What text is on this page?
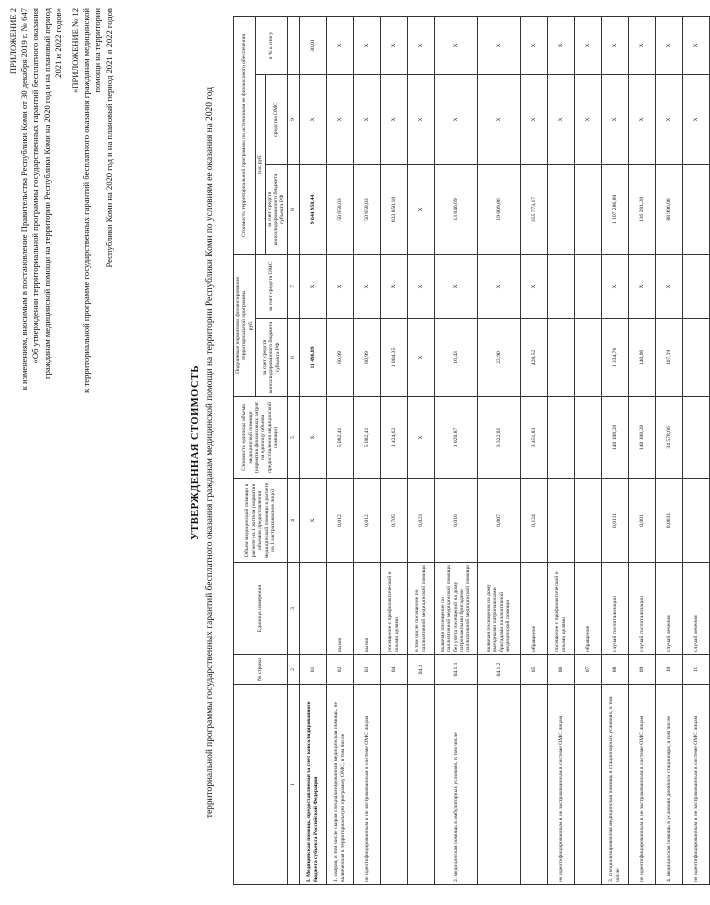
ПРИЛОЖЕНИЕ 2 к изменениям, вносимым в постановление Правительства Республики Коми от 30 декабря 2019 г. № 647 «Об утверждении территориальной программы государственных гарантий бесплатного оказания гражданам медицинской помощи на территории Республики Коми на 2020 год и на плановый период 2021 и 2022 годов» «ПРИЛОЖЕНИЕ № 12 к территориальной программе государственных гарантий бесплатного оказания гражданам медицинской помощи на территории Республики Коми на 2020 год и на плановый период 2021 и 2022 годов
УТВЕРЖДЕННАЯ СТОИМОСТЬ территориальной программы государственных гарантий бесплатного оказания гражданам медицинской помощи на территории Республики Коми по условиям ее оказания на 2020 год
		№ строки	Единица измерения	Объем медицинской помощи в расчете на 1 жителя (норматив объемов предоставления медицинской помощи в расчете на 1 застрахованное лицо)	Стоимость единицы объема медицинской помощи (норматив финансовых затрат на единицу объема предоставления медицинской помощи)	Подушевые нормативы финансирования территориальной программы
руб.		Стоимость территориальной программы по источникам ее финансового обеспечения		
					за счет средств консолидированного бюджета субъекта РФ	за счет средств ОМС	тыс.руб.		в % к итогу
							за счет средств консолидированного бюджета субъекта РФ	средства ОМС	
1	2	3	4	5	6	7	8	9	
I. Медицинская помощь, предоставляемая за счет консолидированного бюджета субъекта Российской Федерации	01		X	X	11 496,89	X	9 644 958,44	X	30,01
1. скорая, в том числе скорая специализированная медицинская помощь, не включенная в территориальную программу ОМС, в том числе	02	вызов	0,012	5 082,41	60,99	X	50 658,03	X	X
не идентифицированным и не застрахованным в системе ОМС лицам	03	вызов	0,012	5 082,41	60,99	X	50 658,03	X	X
	04	посещение с профилактической и иными целями	0,705	1 424,62	1 004,35	X	833 850,18	X	X
	04.1	в том числе посещение по паллиативной медицинской помощи	0,023	X	X	X	X	X	X
2. медицинская помощь в амбулаторных условиях, в том числе	04.1.1	включая посещение по паллиативной медицинской помощи без учета посещений на дому патронажными бригадами паллиативной медицинской помощи	0,016	1 020,87	16,43	X	13 640,69	X	X
	04.1.2	включая посещения на дому выездными патронажными бригадами паллиативной медицинской помощи	0,007	3 322,01	22,90	X	19 009,86	X	X
	05	обращение	0,124	3 451,83	428,52	X	355 773,17	X	X
не идентифицированным и не застрахованным в системе ОМС лицам	06	посещение с профилактической и иными целями						X	X
	07	обращение						X	X
3. специализированная медицинская помощь в стационарных условиях, в том числе	08	случай госпитализации	0,0111	140 108,28	1 334,76	X	1 107 286,89	X	X
не идентифицированным и не застрахованным в системе ОМС лицам	09	случай госпитализации	0,001	140 108,28	140,06	X	116 281,28	X	X
4. медицинская помощь в условиях дневного стационара, в том числе	10	случай лечения	0,0031	34 578,66	107,19	X	88 996,08	X	X
не идентифицированным и не застрахованным в системе ОМС лицам	11	случай лечения						X	X
